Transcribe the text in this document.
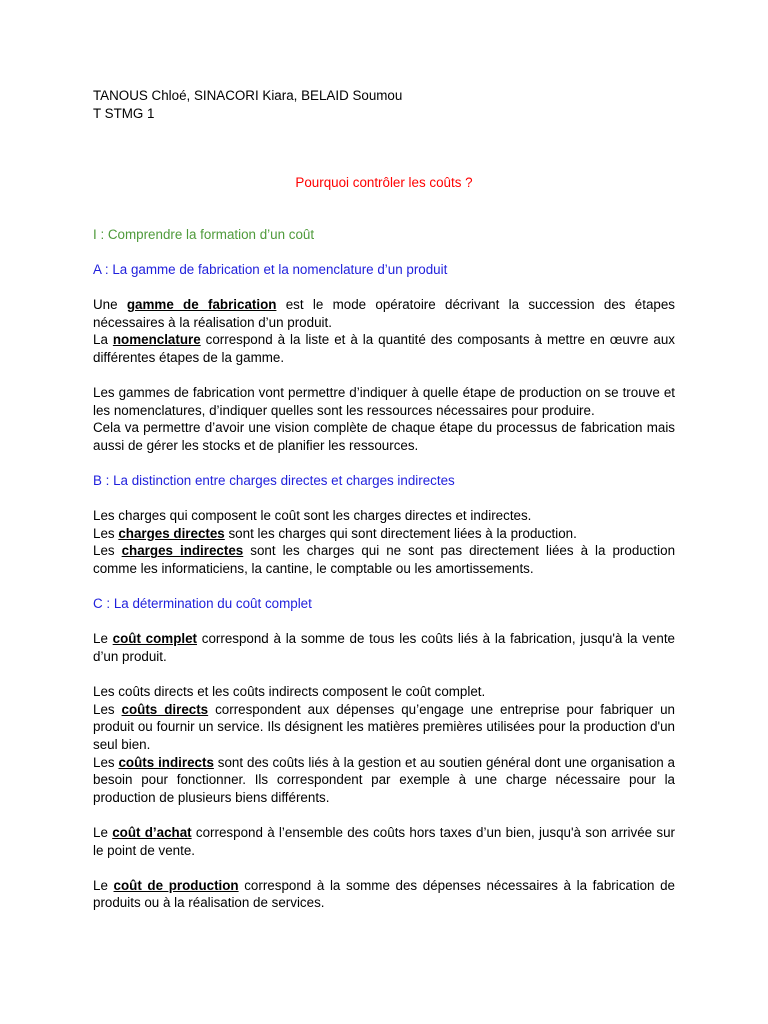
TANOUS Chloé, SINACORI Kiara, BELAID Soumou
T STMG 1
Pourquoi contrôler les coûts ?
I : Comprendre la formation d’un coût
A : La gamme de fabrication et la nomenclature d’un produit

Une gamme de fabrication est le mode opératoire décrivant la succession des étapes nécessaires à la réalisation d’un produit.

La nomenclature correspond à la liste et à la quantité des composants à mettre en œuvre aux différentes étapes de la gamme.

Les gammes de fabrication vont permettre d’indiquer à quelle étape de production on se trouve et les nomenclatures, d’indiquer quelles sont les ressources nécessaires pour produire.

Cela va permettre d’avoir une vision complète de chaque étape du processus de fabrication mais aussi de gérer les stocks et de planifier les ressources.

B : La distinction entre charges directes et charges indirectes

Les charges qui composent le coût sont les charges directes et indirectes.

Les charges directes sont les charges qui sont directement liées à la production.

Les charges indirectes sont les charges qui ne sont pas directement liées à la production comme les informaticiens, la cantine, le comptable ou les amortissements.

C : La détermination du coût complet

Le coût complet correspond à la somme de tous les coûts liés à la fabrication, jusqu'à la vente d’un produit.

Les coûts directs et les coûts indirects composent le coût complet.

Les coûts directs correspondent aux dépenses qu’engage une entreprise pour fabriquer un produit ou fournir un service. Ils désignent les matières premières utilisées pour la production d'un seul bien.

Les coûts indirects sont des coûts liés à la gestion et au soutien général dont une organisation a besoin pour fonctionner. Ils correspondent par exemple à une charge nécessaire pour la production de plusieurs biens différents.

Le coût d’achat correspond à l’ensemble des coûts hors taxes d’un bien, jusqu'à son arrivée sur le point de vente.

Le coût de production correspond à la somme des dépenses nécessaires à la fabrication de produits ou à la réalisation de services.
